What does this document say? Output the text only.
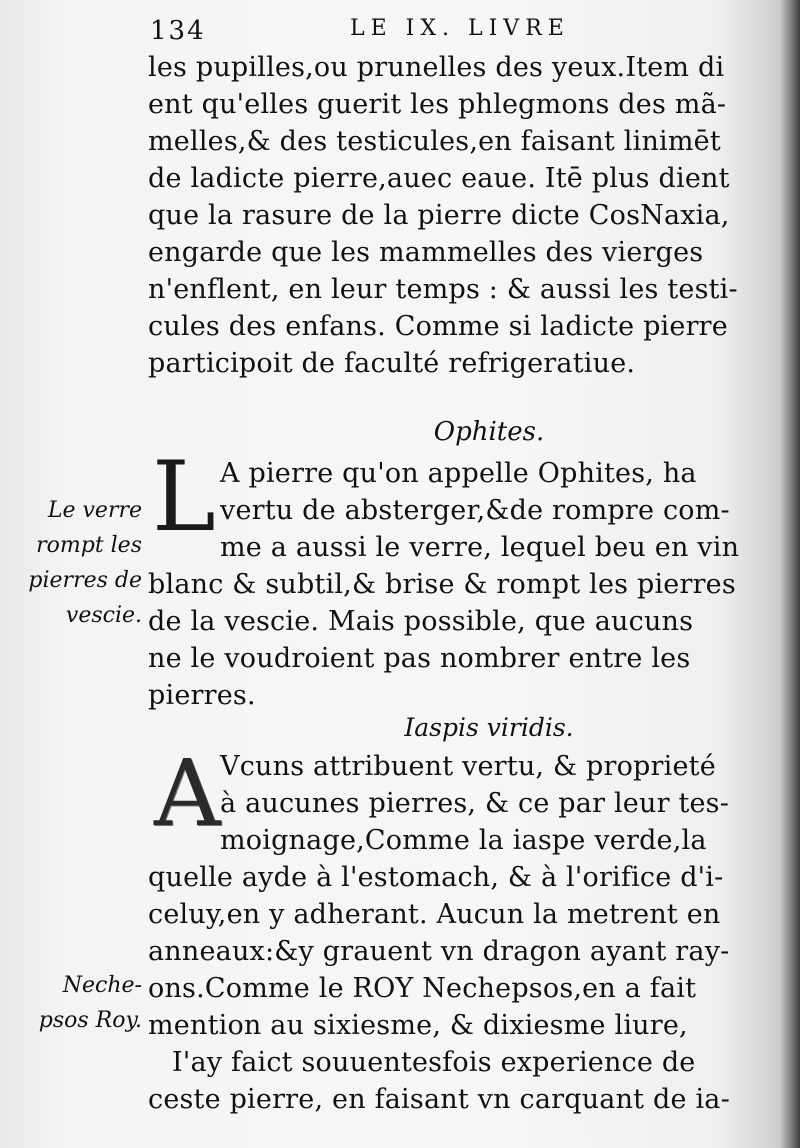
134	LE IX. LIVRE
les pupilles,ou prunelles des yeux.Item di
ent qu'elles guerit les phlegmons des mã-
melles,& des testicules,en faisant linimēt
de ladicte pierre,auec eaue. Itē plus dient
que la rasure de la pierre dicte CosNaxia,
engarde que les mammelles des vierges
n'enflent, en leur temps : & aussi les testi-
cules des enfans. Comme si ladicte pierre
participoit de faculté refrigeratiue.
Ophites.
L A pierre qu'on appelle Ophites, ha
vertu de absterger,&de rompre com-
me a aussi le verre, lequel beu en vin
blanc & subtil,& brise & rompt les pierres
de la vescie. Mais possible, que aucuns
ne le voudroient pas nombrer entre les
pierres.
Le verre
rompt les
pierres de
vescie.
Iaspis viridis.
A Vcuns attribuent vertu, & proprieté
à aucunes pierres, & ce par leur tes-
moignage,Comme la iaspe verde,la
quelle ayde à l'estomach, & à l'orifice d'i-
celuy,en y adherant. Aucun la metrent en
anneaux:&y grauent vn dragon ayant ray-
ons.Comme le ROY Nechepsos,en a fait
mention au sixiesme, & dixiesme liure,
I'ay faict souuentesfois experience de
ceste pierre, en faisant vn carquant de ia-
Neche-
psos Roy.
